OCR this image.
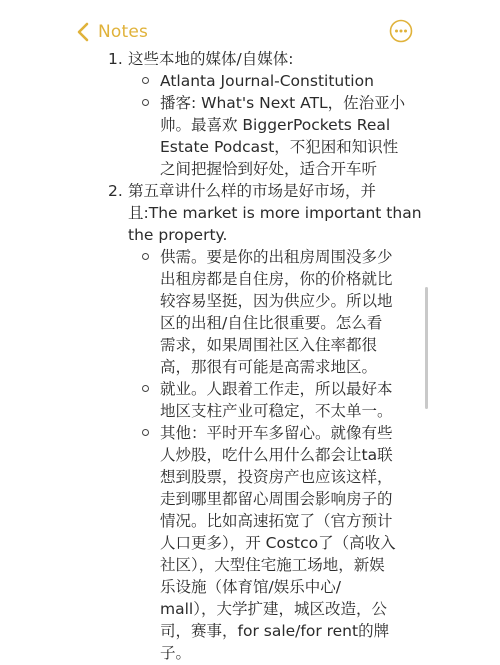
Notes
1. 这些本地的媒体/自媒体:
Atlanta Journal-Constitution
播客: What's Next ATL，佐治亚小
帅。最喜欢 BiggerPockets Real
Estate Podcast，不犯困和知识性
之间把握恰到好处，适合开车听
2. 第五章讲什么样的市场是好市场，并
且:The market is more important than
the property.
供需。要是你的出租房周围没多少
出租房都是自住房，你的价格就比
较容易坚挺，因为供应少。所以地
区的出租/自住比很重要。怎么看
需求，如果周围社区入住率都很
高，那很有可能是高需求地区。
就业。人跟着工作走，所以最好本
地区支柱产业可稳定，不太单一。
其他：平时开车多留心。就像有些
人炒股，吃什么用什么都会让ta联
想到股票，投资房产也应该这样，
走到哪里都留心周围会影响房子的
情况。比如高速拓宽了（官方预计
人口更多），开 Costco了（高收入
社区），大型住宅施工场地，新娱
乐设施（体育馆/娱乐中心/
mall），大学扩建，城区改造，公
司，赛事，for sale/for rent的牌
子。
